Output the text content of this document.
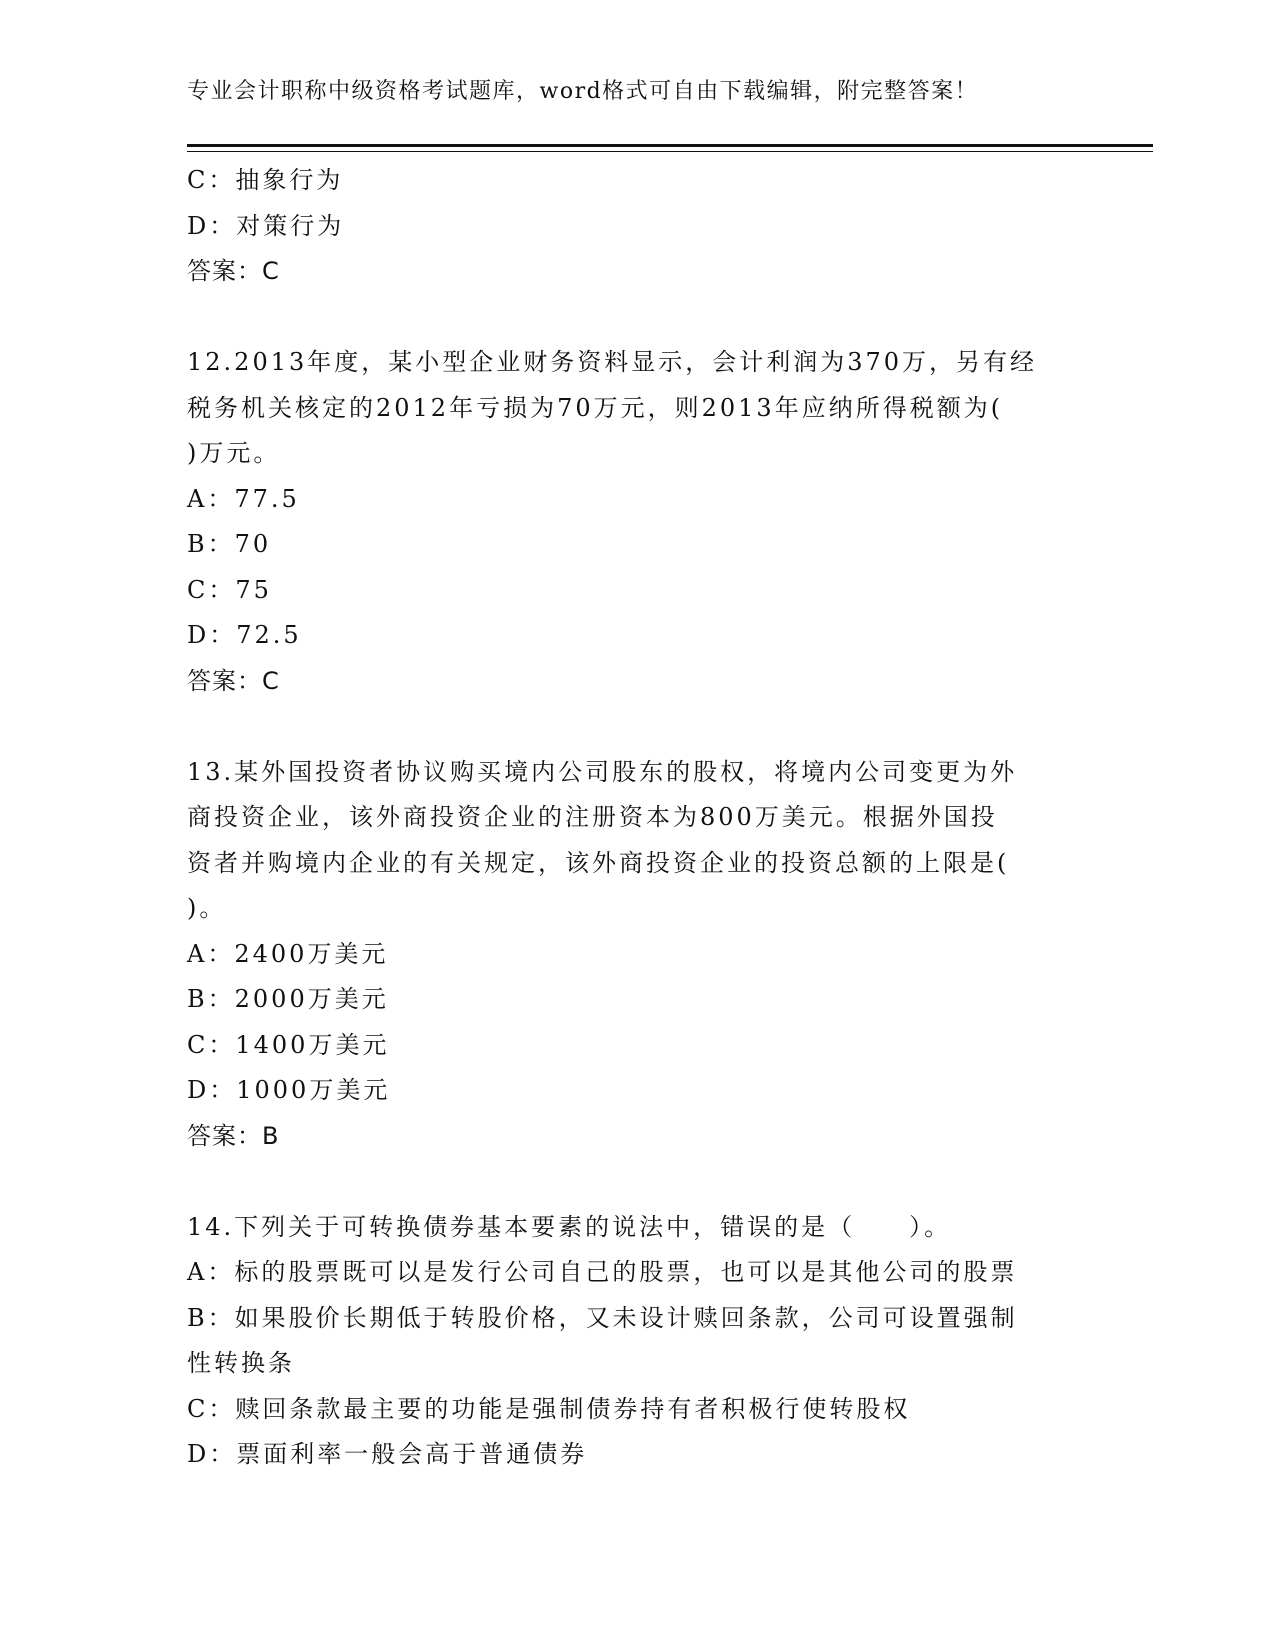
专业会计职称中级资格考试题库，word格式可自由下载编辑，附完整答案！
C：抽象行为
D：对策行为
答案：C
12.2013年度，某小型企业财务资料显示，会计利润为370万，另有经
税务机关核定的2012年亏损为70万元，则2013年应纳所得税额为(
)万元。
A：77.5
B：70
C：75
D：72.5
答案：C
13.某外国投资者协议购买境内公司股东的股权，将境内公司变更为外
商投资企业，该外商投资企业的注册资本为800万美元。根据外国投
资者并购境内企业的有关规定，该外商投资企业的投资总额的上限是(
)。
A：2400万美元
B：2000万美元
C：1400万美元
D：1000万美元
答案：B
14.下列关于可转换债券基本要素的说法中，错误的是（　　）。
A：标的股票既可以是发行公司自己的股票，也可以是其他公司的股票
B：如果股价长期低于转股价格，又未设计赎回条款，公司可设置强制
性转换条
C：赎回条款最主要的功能是强制债券持有者积极行使转股权
D：票面利率一般会高于普通债券
